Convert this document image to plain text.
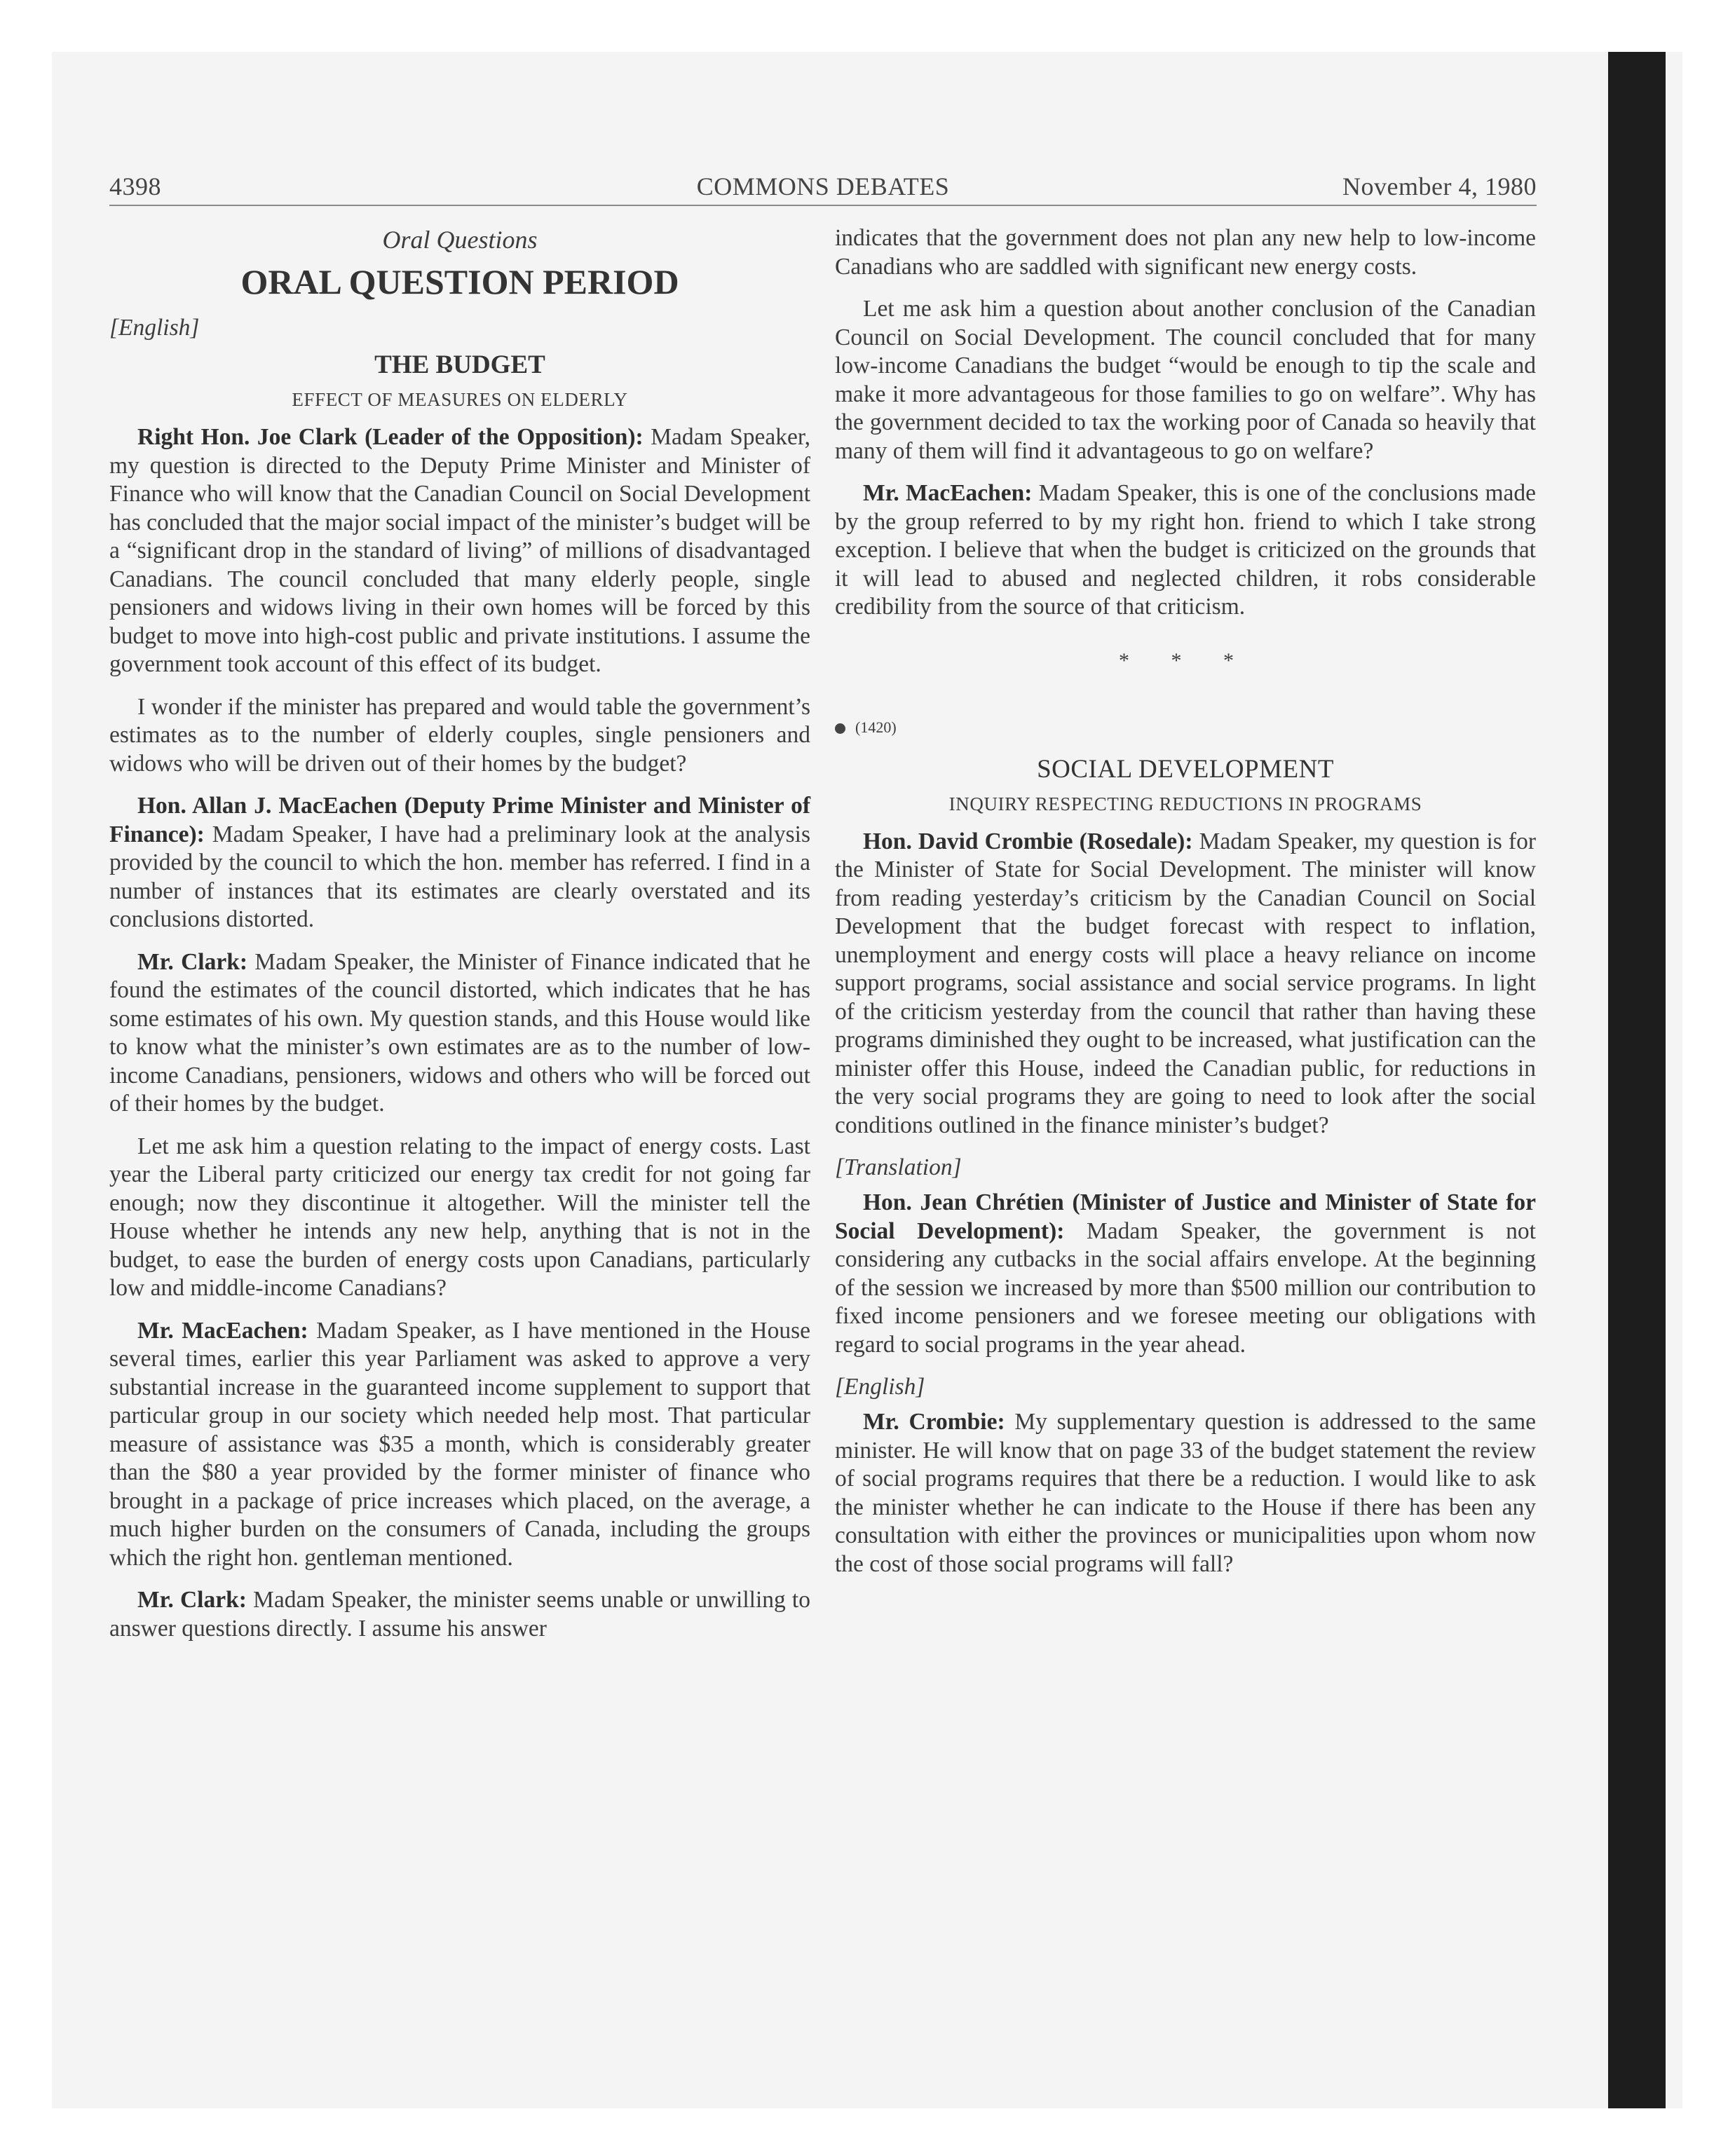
4398	COMMONS DEBATES	November 4, 1980
Oral Questions
ORAL QUESTION PERIOD
[English]
THE BUDGET
EFFECT OF MEASURES ON ELDERLY

Right Hon. Joe Clark (Leader of the Opposition): Madam Speaker, my question is directed to the Deputy Prime Minister and Minister of Finance who will know that the Canadian Council on Social Development has concluded that the major social impact of the minister’s budget will be a “significant drop in the standard of living” of millions of disadvantaged Canadians. The council concluded that many elderly people, single pensioners and widows living in their own homes will be forced by this budget to move into high-cost public and private institutions. I assume the government took account of this effect of its budget.

I wonder if the minister has prepared and would table the government’s estimates as to the number of elderly couples, single pensioners and widows who will be driven out of their homes by the budget?

Hon. Allan J. MacEachen (Deputy Prime Minister and Minister of Finance): Madam Speaker, I have had a preliminary look at the analysis provided by the council to which the hon. member has referred. I find in a number of instances that its estimates are clearly overstated and its conclusions distorted.

Mr. Clark: Madam Speaker, the Minister of Finance indicated that he found the estimates of the council distorted, which indicates that he has some estimates of his own. My question stands, and this House would like to know what the minister’s own estimates are as to the number of low-income Canadians, pensioners, widows and others who will be forced out of their homes by the budget.

Let me ask him a question relating to the impact of energy costs. Last year the Liberal party criticized our energy tax credit for not going far enough; now they discontinue it altogether. Will the minister tell the House whether he intends any new help, anything that is not in the budget, to ease the burden of energy costs upon Canadians, particularly low and middle-income Canadians?

Mr. MacEachen: Madam Speaker, as I have mentioned in the House several times, earlier this year Parliament was asked to approve a very substantial increase in the guaranteed income supplement to support that particular group in our society which needed help most. That particular measure of assistance was $35 a month, which is considerably greater than the $80 a year provided by the former minister of finance who brought in a package of price increases which placed, on the average, a much higher burden on the consumers of Canada, including the groups which the right hon. gentleman mentioned.

Mr. Clark: Madam Speaker, the minister seems unable or unwilling to answer questions directly. I assume his answer

indicates that the government does not plan any new help to low-income Canadians who are saddled with significant new energy costs.

Let me ask him a question about another conclusion of the Canadian Council on Social Development. The council concluded that for many low-income Canadians the budget “would be enough to tip the scale and make it more advantageous for those families to go on welfare”. Why has the government decided to tax the working poor of Canada so heavily that many of them will find it advantageous to go on welfare?

Mr. MacEachen: Madam Speaker, this is one of the conclusions made by the group referred to by my right hon. friend to which I take strong exception. I believe that when the budget is criticized on the grounds that it will lead to abused and neglected children, it robs considerable credibility from the source of that criticism.

* * *
(1420)
SOCIAL DEVELOPMENT
INQUIRY RESPECTING REDUCTIONS IN PROGRAMS

Hon. David Crombie (Rosedale): Madam Speaker, my question is for the Minister of State for Social Development. The minister will know from reading yesterday’s criticism by the Canadian Council on Social Development that the budget forecast with respect to inflation, unemployment and energy costs will place a heavy reliance on income support programs, social assistance and social service programs. In light of the criticism yesterday from the council that rather than having these programs diminished they ought to be increased, what justification can the minister offer this House, indeed the Canadian public, for reductions in the very social programs they are going to need to look after the social conditions outlined in the finance minister’s budget?

[Translation]

Hon. Jean Chrétien (Minister of Justice and Minister of State for Social Development): Madam Speaker, the government is not considering any cutbacks in the social affairs envelope. At the beginning of the session we increased by more than $500 million our contribution to fixed income pensioners and we foresee meeting our obligations with regard to social programs in the year ahead.

[English]

Mr. Crombie: My supplementary question is addressed to the same minister. He will know that on page 33 of the budget statement the review of social programs requires that there be a reduction. I would like to ask the minister whether he can indicate to the House if there has been any consultation with either the provinces or municipalities upon whom now the cost of those social programs will fall?
